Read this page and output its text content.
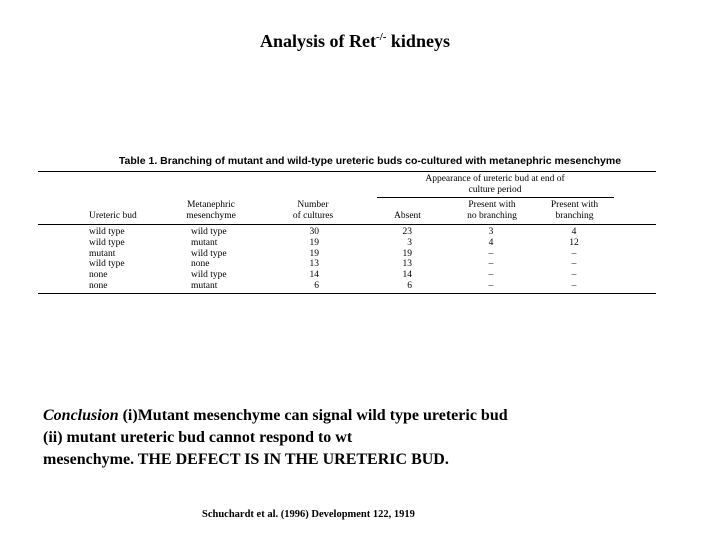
Analysis of Ret-/- kidneys
Table 1. Branching of mutant and wild-type ureteric buds co-cultured with metanephric mesenchyme
Appearance of ureteric bud at end of
culture period

Ureteric bud
Metanephric
mesenchyme
Number
of cultures
	Absent
Present with
no branching
Present with
branching
wild type
wild type
mutant
wild type
none
none
wild type
mutant
wild type
none
wild type
mutant
30
19
19
13
14
6
23
3
19
13
14
6
3
4
–
–
–
–
4
12
–
–
–
–
Conclusion (i)Mutant mesenchyme can signal wild type ureteric bud
(ii) mutant ureteric bud cannot respond to wt
mesenchyme. THE DEFECT IS IN THE URETERIC BUD.
Schuchardt et al. (1996) Development 122, 1919
